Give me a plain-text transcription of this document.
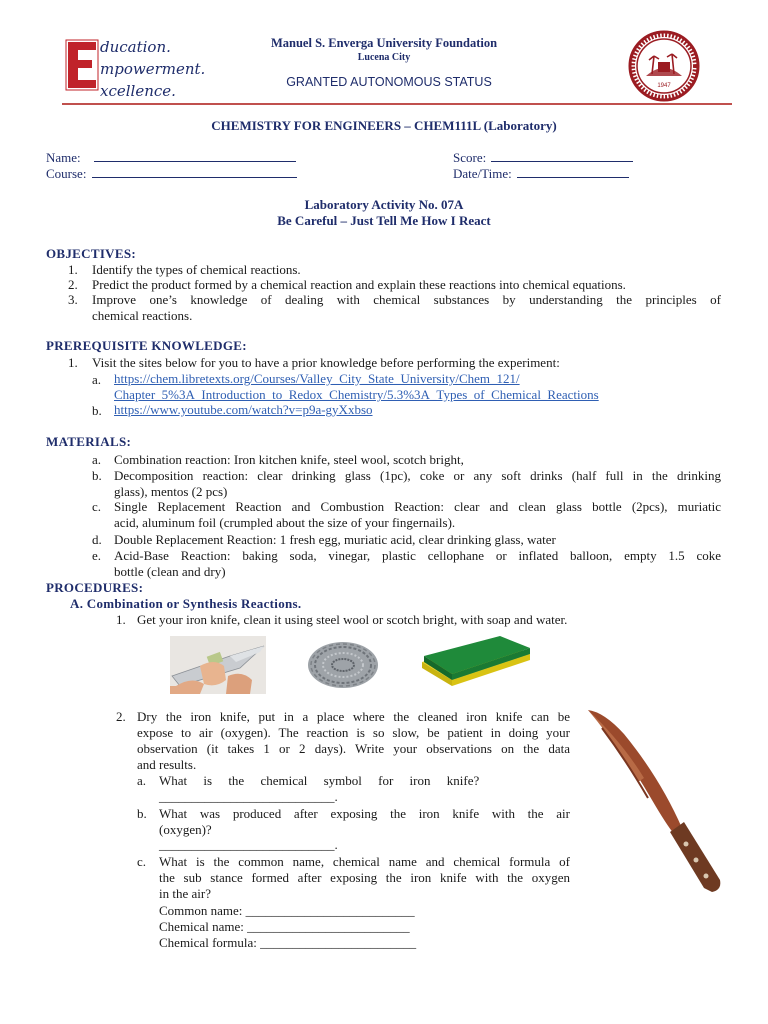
ducation.
mpowerment.
xcellence.
Manuel S. Enverga University Foundation
Lucena City
GRANTED AUTONOMOUS STATUS	1947
CHEMISTRY FOR ENGINEERS – CHEM111L (Laboratory)
Name:
Course:
Score:
Date/Time:
Laboratory Activity No. 07A
Be Careful – Just Tell Me How I React
OBJECTIVES:
1. Identify the types of chemical reactions.
2. Predict the product formed by a chemical reaction and explain these reactions into chemical equations.
3. Improve one’s knowledge of dealing with chemical substances by understanding the principles of
chemical reactions.
PREREQUISITE KNOWLEDGE:
1. Visit the sites below for you to have a prior knowledge before performing the experiment:
a. https://chem.libretexts.org/Courses/Valley_City_State_University/Chem_121/
Chapter_5%3A_Introduction_to_Redox_Chemistry/5.3%3A_Types_of_Chemical_Reactions
b. https://www.youtube.com/watch?v=p9a-gyXxbso
MATERIALS:
a. Combination reaction: Iron kitchen knife, steel wool, scotch bright,
b. Decomposition reaction: clear drinking glass (1pc), coke or any soft drinks (half full in the drinking
glass), mentos (2 pcs)
c. Single Replacement Reaction and Combustion Reaction: clear and clean glass bottle (2pcs), muriatic
acid, aluminum foil (crumpled about the size of your fingernails).
d. Double Replacement Reaction: 1 fresh egg, muriatic acid, clear drinking glass, water
e. Acid-Base Reaction: baking soda, vinegar, plastic cellophane or inflated balloon, empty 1.5 coke
bottle (clean and dry)
PROCEDURES:
A. Combination or Synthesis Reactions.
1. Get your iron knife, clean it using steel wool or scotch bright, with soap and water.
2. Dry the iron knife, put in a place where the cleaned iron knife can be
expose to air (oxygen). The reaction is so slow, be patient in doing your
observation (it takes 1 or 2 days). Write your observations on the data
and results.
a. What     is     the     chemical     symbol     for     iron     knife?
___________________________.
b. What was produced after exposing the iron knife with the air
(oxygen)?
___________________________.
c. What is the common name, chemical name and chemical formula of
the sub stance formed after exposing the iron knife with the oxygen
in the air?
Common name: __________________________
Chemical name: _________________________
Chemical formula: ________________________
